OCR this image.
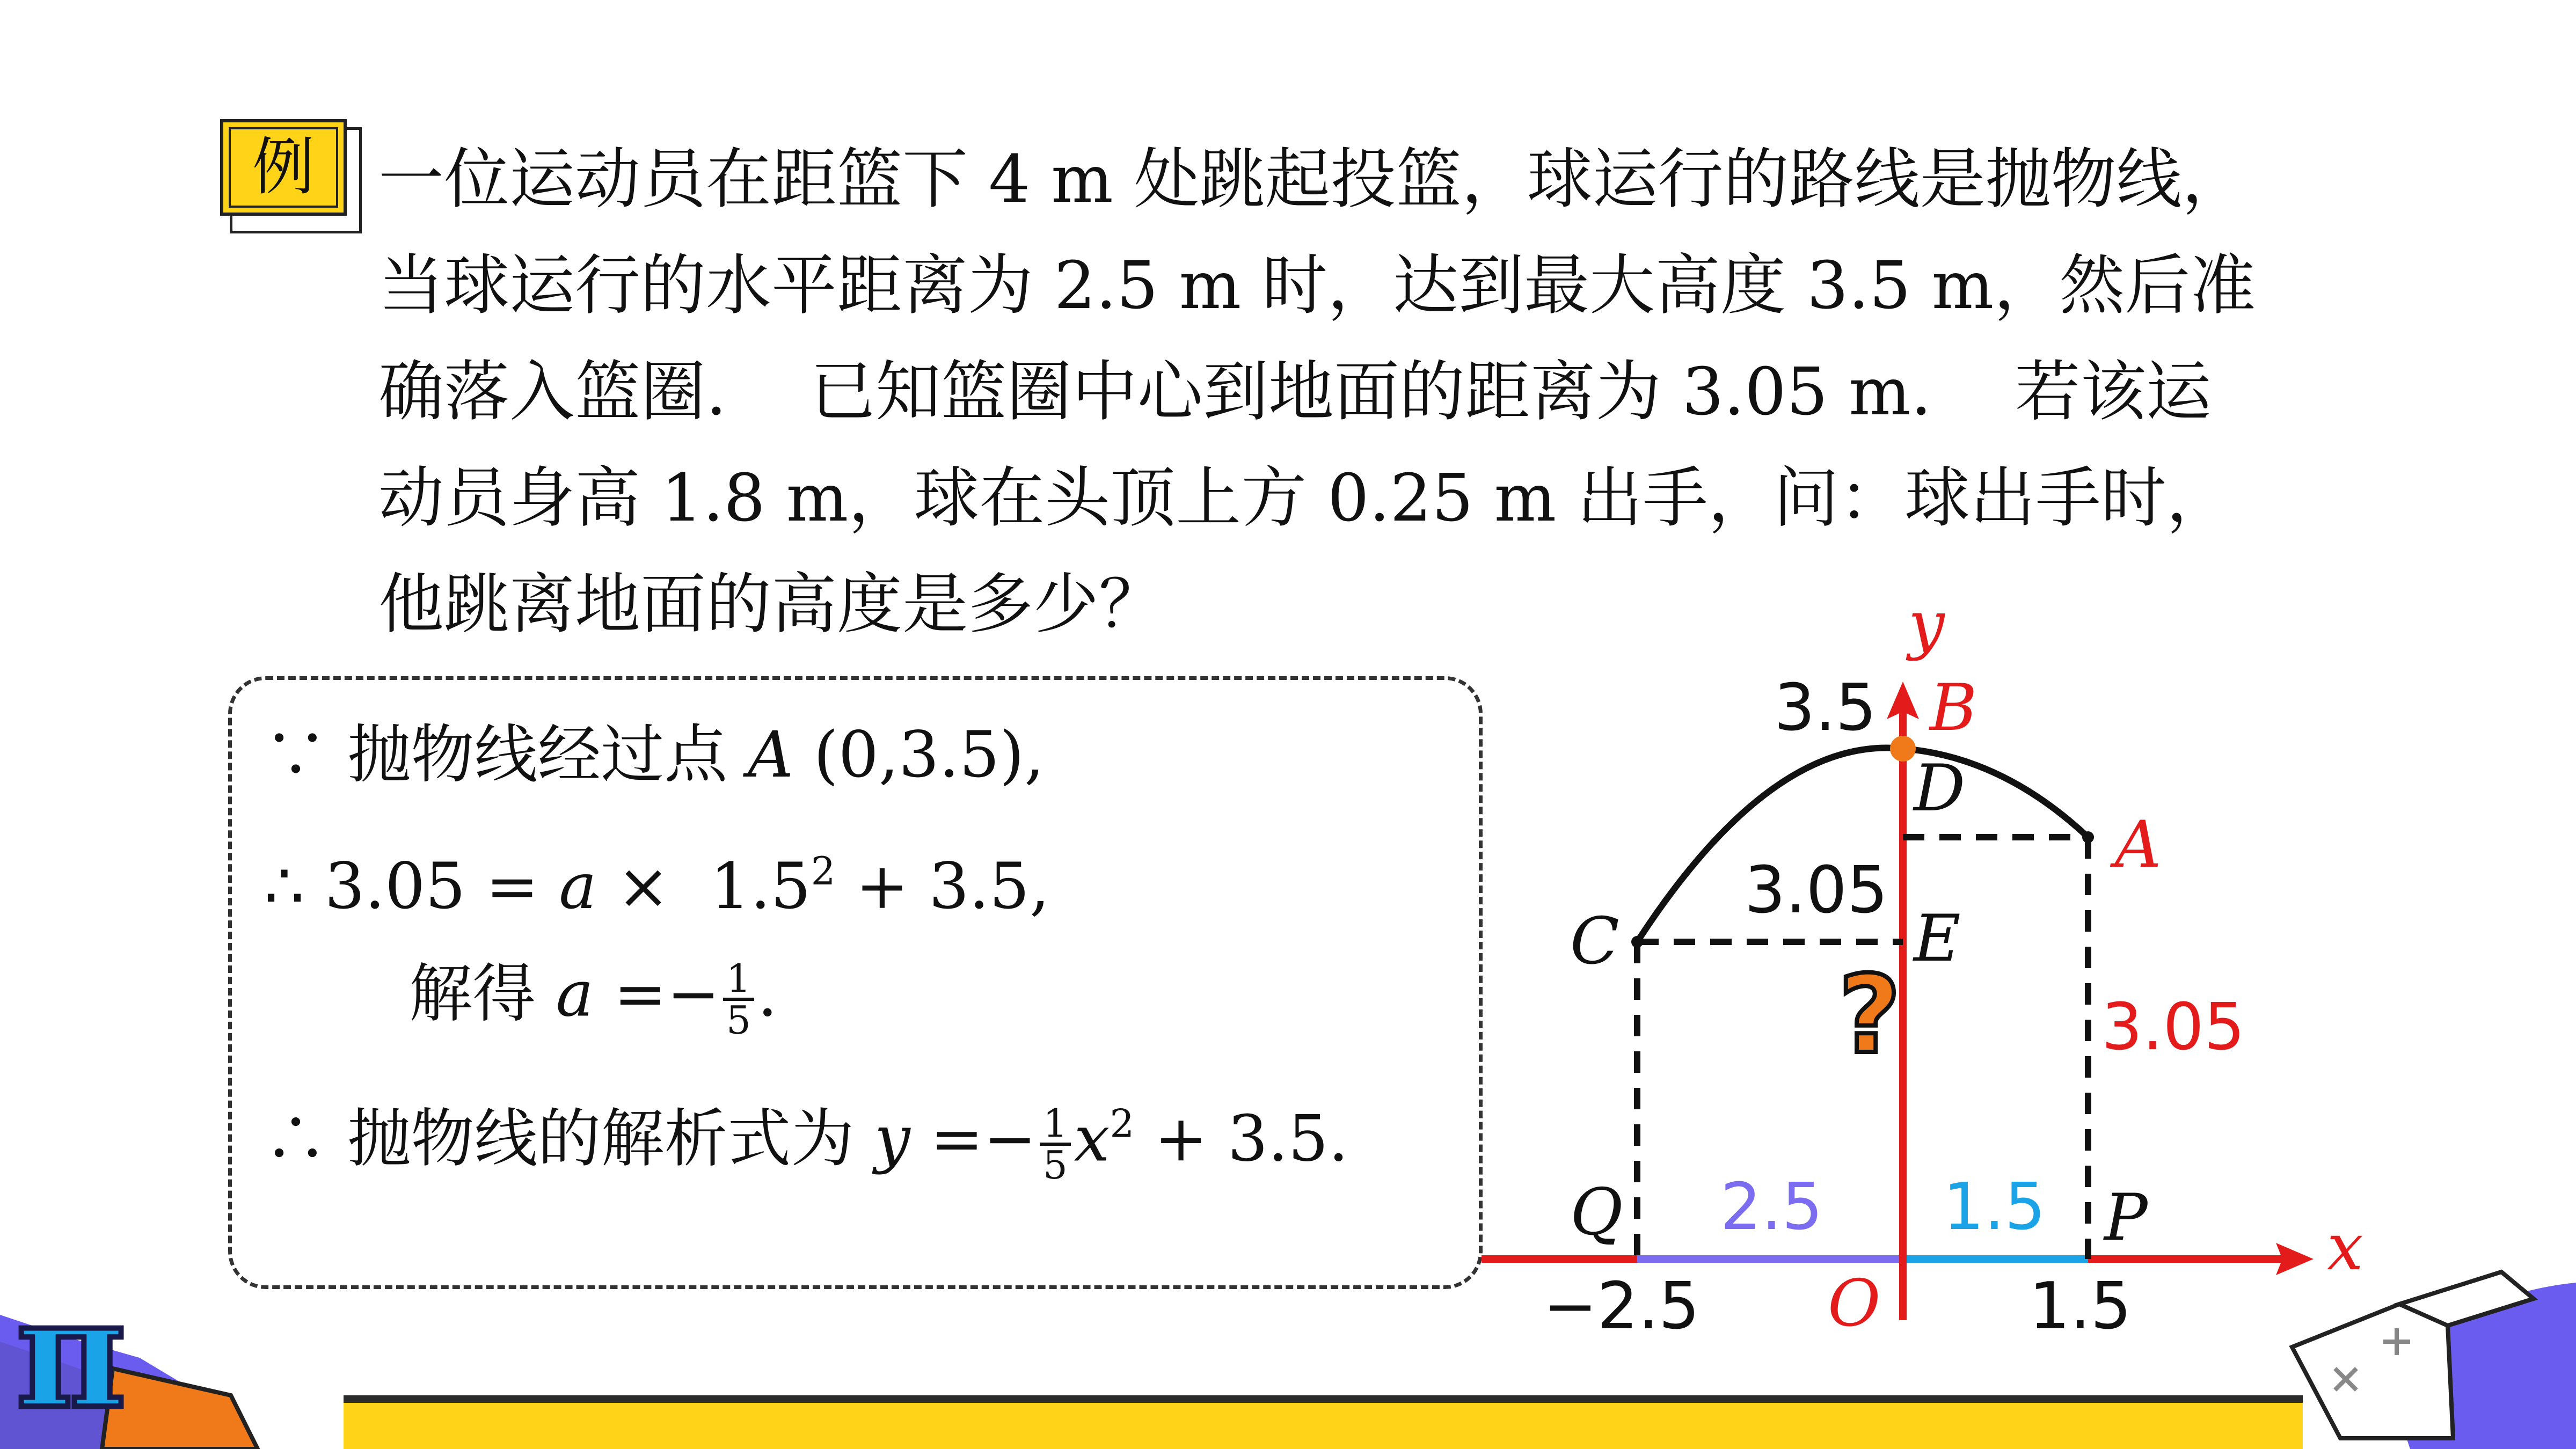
例 一位运动员在距篮下 4 m 处跳起投篮，球运行的路线是抛物线，
当球运行的水平距离为 2.5 m 时，达到最大高度 3.5 m，然后准
确落入篮圈.    已知篮圈中心到地面的距离为 3.05 m.    若该运
动员身高 1.8 m，球在头顶上方 0.25 m 出手，问：球出手时，
他跳离地面的高度是多少？
∵ 抛物线经过点 A (0,3.5),
∴ $3.05 = a \times 1.5^2 + 3.5$,
解得 $a =- \frac{1}{5}$ .
∴ 抛物线的解析式为 $y =- \frac{1}{5} x^2 + 3.5$.
y
x
O
3.5 B
D
A
3.05
C	E
3.05
?
Q 2.5 1.5 P
−2.5	1.5
π
